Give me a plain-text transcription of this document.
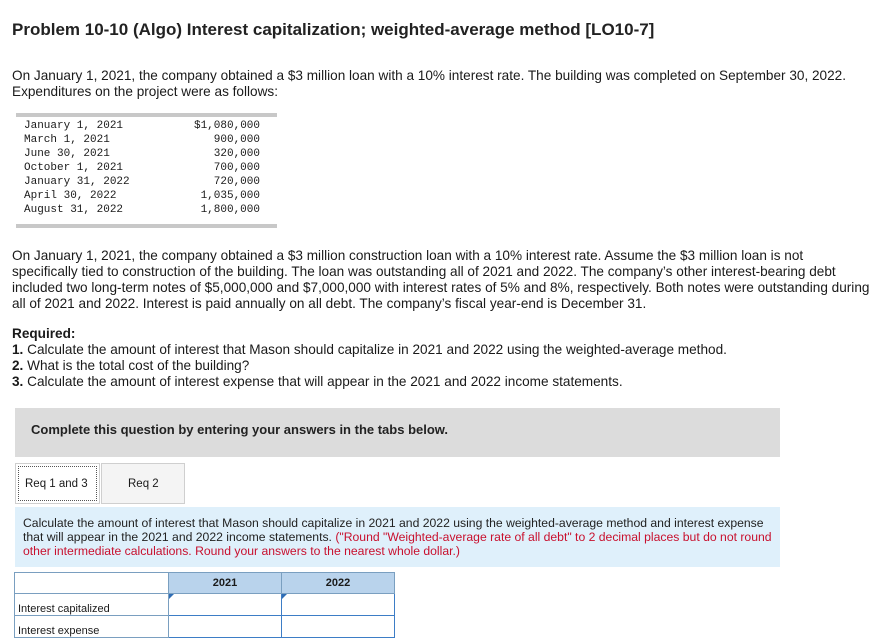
Problem 10-10 (Algo) Interest capitalization; weighted-average method [LO10-7]
On January 1, 2021, the company obtained a $3 million loan with a 10% interest rate. The building was completed on September 30, 2022. Expenditures on the project were as follows:
January 1, 2021	$1,080,000
March 1, 2021	900,000
June 30, 2021	320,000
October 1, 2021	700,000
January 31, 2022	720,000
April 30, 2022	1,035,000
August 31, 2022	1,800,000
On January 1, 2021, the company obtained a $3 million construction loan with a 10% interest rate. Assume the $3 million loan is not specifically tied to construction of the building. The loan was outstanding all of 2021 and 2022. The company’s other interest-bearing debt included two long-term notes of $5,000,000 and $7,000,000 with interest rates of 5% and 8%, respectively. Both notes were outstanding during all of 2021 and 2022. Interest is paid annually on all debt. The company’s fiscal year-end is December 31.
Required:
1. Calculate the amount of interest that Mason should capitalize in 2021 and 2022 using the weighted-average method.
2. What is the total cost of the building?
3. Calculate the amount of interest expense that will appear in the 2021 and 2022 income statements.
Complete this question by entering your answers in the tabs below.
Req 1 and 3	Req 2
Calculate the amount of interest that Mason should capitalize in 2021 and 2022 using the weighted-average method and interest expense that will appear in the 2021 and 2022 income statements. ("Round "Weighted-average rate of all debt" to 2 decimal places but do not round other intermediate calculations. Round your answers to the nearest whole dollar.)
	2021	2022
Interest capitalized	

Interest expense		
